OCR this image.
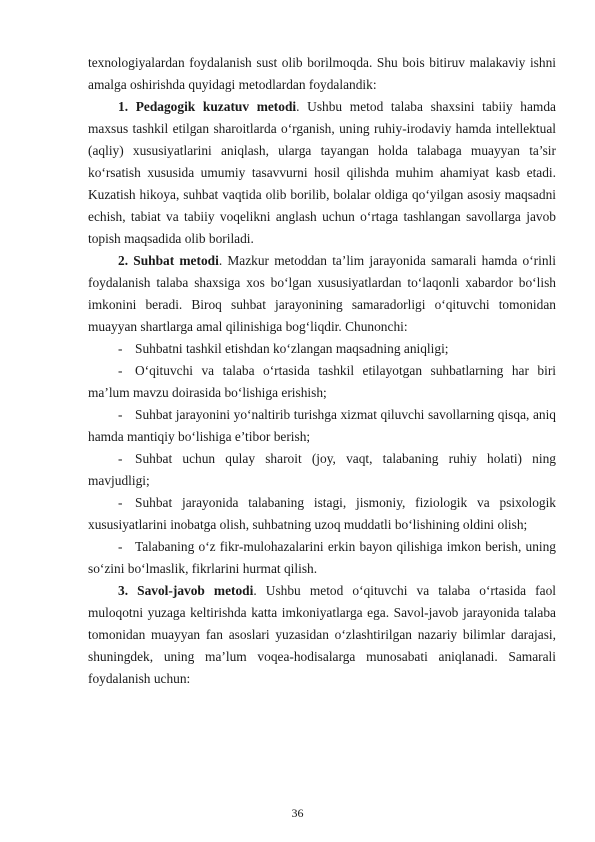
texnologiyalardan foydalanish sust olib borilmoqda. Shu bois bitiruv malakaviy ishni amalga oshirishda quyidagi metodlardan foydalandik:

1. Pedagogik kuzatuv metodi. Ushbu metod talaba shaxsini tabiiy hamda maxsus tashkil etilgan sharoitlarda o‘rganish, uning ruhiy-irodaviy hamda intellektual (aqliy) xususiyatlarini aniqlash, ularga tayangan holda talabaga muayyan ta’sir ko‘rsatish xususida umumiy tasavvurni hosil qilishda muhim ahamiyat kasb etadi. Kuzatish hikoya, suhbat vaqtida olib borilib, bolalar oldiga qo‘yilgan asosiy maqsadni echish, tabiat va tabiiy voqelikni anglash uchun o‘rtaga tashlangan savollarga javob topish maqsadida olib boriladi.

2. Suhbat metodi. Mazkur metoddan ta’lim jarayonida samarali hamda o‘rinli foydalanish talaba shaxsiga xos bo‘lgan xususiyatlardan to‘laqonli xabardor bo‘lish imkonini beradi. Biroq suhbat jarayonining samaradorligi o‘qituvchi tomonidan muayyan shartlarga amal qilinishiga bog‘liqdir. Chunonchi:

- Suhbatni tashkil etishdan ko‘zlangan maqsadning aniqligi;

- O‘qituvchi va talaba o‘rtasida tashkil etilayotgan suhbatlarning har biri ma’lum mavzu doirasida bo‘lishiga erishish;

- Suhbat jarayonini yo‘naltirib turishga xizmat qiluvchi savollarning qisqa, aniq hamda mantiqiy bo‘lishiga e’tibor berish;

- Suhbat uchun qulay sharoit (joy, vaqt, talabaning ruhiy holati) ning mavjudligi;

- Suhbat jarayonida talabaning istagi, jismoniy, fiziologik va psixologik xususiyatlarini inobatga olish, suhbatning uzoq muddatli bo‘lishining oldini olish;

- Talabaning o‘z fikr-mulohazalarini erkin bayon qilishiga imkon berish, uning so‘zini bo‘lmaslik, fikrlarini hurmat qilish.

3. Savol-javob metodi. Ushbu metod o‘qituvchi va talaba o‘rtasida faol muloqotni yuzaga keltirishda katta imkoniyatlarga ega. Savol-javob jarayonida talaba tomonidan muayyan fan asoslari yuzasidan o‘zlashtirilgan nazariy bilimlar darajasi, shuningdek, uning ma’lum voqea-hodisalarga munosabati aniqlanadi. Samarali foydalanish uchun:

36
